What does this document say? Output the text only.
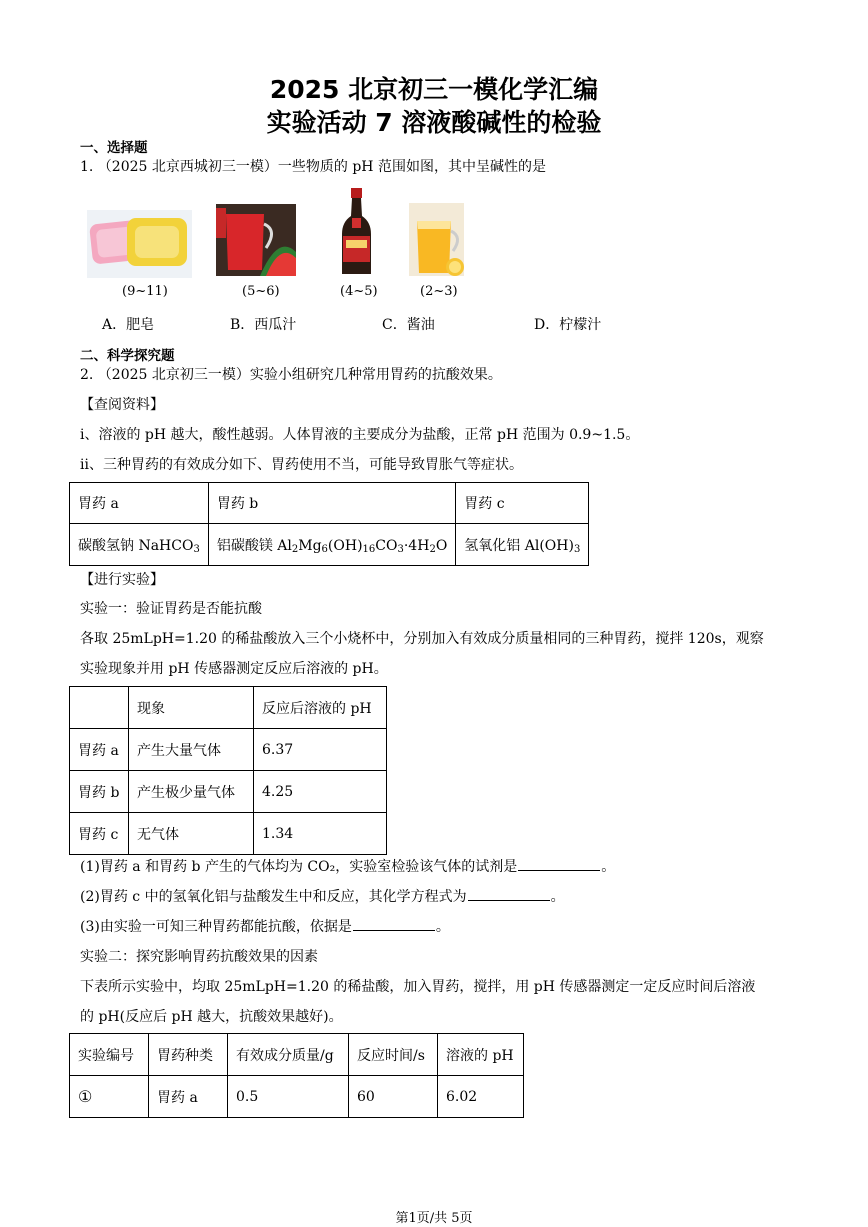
2025 北京初三一模化学汇编
实验活动 7 溶液酸碱性的检验
一、选择题
1. （2025 北京西城初三一模）一些物质的 pH 范围如图，其中呈碱性的是
(9~11)	(5~6)	(4~5)	(2~3)
A．肥皂	B．西瓜汁	C．酱油	D．柠檬汁
二、科学探究题
2. （2025 北京初三一模）实验小组研究几种常用胃药的抗酸效果。
【查阅资料】
i、溶液的 pH 越大，酸性越弱。人体胃液的主要成分为盐酸，正常 pH 范围为 0.9~1.5。
ⅱ、三种胃药的有效成分如下、胃药使用不当，可能导致胃胀气等症状。
胃药 a	胃药 b	胃药 c
碳酸氢钠 NaHCO$_3$	铝碳酸镁 $Al_2Mg_6(OH)_{16}CO_3\cdot 4H_2O$	氢氧化铝 $Al(OH)_3$
【进行实验】
实验一：验证胃药是否能抗酸
各取 25mLpH=1.20 的稀盐酸放入三个小烧杯中，分别加入有效成分质量相同的三种胃药，搅拌 120s，观察
实验现象并用 pH 传感器测定反应后溶液的 pH。
	现象	反应后溶液的 pH
胃药 a	产生大量气体	6.37
胃药 b	产生极少量气体	4.25
胃药 c	无气体	1.34
(1)胃药 a 和胃药 b 产生的气体均为 CO₂，实验室检验该气体的试剂是	。
(2)胃药 c 中的氢氧化铝与盐酸发生中和反应，其化学方程式为	。
(3)由实验一可知三种胃药都能抗酸，依据是	。
实验二：探究影响胃药抗酸效果的因素
下表所示实验中，均取 25mLpH=1.20 的稀盐酸，加入胃药，搅拌，用 pH 传感器测定一定反应时间后溶液
的 pH(反应后 pH 越大，抗酸效果越好)。
实验编号	胃药种类	有效成分质量/g	反应时间/s	溶液的 pH
①	胃药 a	0.5	60	6.02
第1页/共 5页
